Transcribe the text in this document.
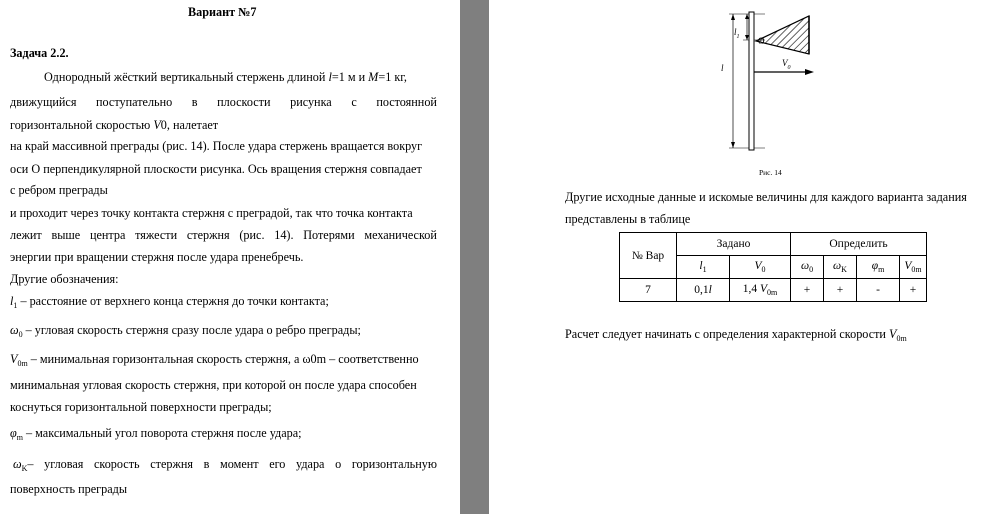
Вариант №7
Задача 2.2.
Однородный жёсткий вертикальный стержень длиной l=1 м и M=1 кг,
движущийся поступательно в плоскости рисунка с постоянной
горизонтальной скоростью V0, налетает
на край массивной преграды (рис. 14). После удара стержень вращается вокруг
оси О перпендикулярной плоскости рисунка. Ось вращения стержня совпадает
с ребром преграды
и проходит через точку контакта стержня с преградой, так что точка контакта
лежит выше центра тяжести стержня (рис. 14). Потерями механической
энергии при вращении стержня после удара пренебречь.
Другие обозначения:
$l_1$ – расстояние от верхнего конца стержня до точки контакта;
$\omega_0$ – угловая скорость стержня сразу после удара о ребро преграды;
$V_{0m}$ – минимальная горизонтальная скорость стержня, а ω0m – соответственно
минимальная угловая скорость стержня, при которой он после удара способен
коснуться горизонтальной поверхности преграды;
$\varphi_m$ – максимальный угол поворота стержня после удара;
$\omega_K-$ угловая скорость стержня в момент его удара о горизонтальную
поверхность преграды
$l_1$
l
O
$V_0$
Рис. 14
Другие исходные данные и искомые величины для каждого варианта задания
представлены в таблице
№ Вар	Задано		Определить			
	$l_1$	$V_0$	$\omega_0$	$\omega_K$	$\varphi_m$	$V_{0m}$
7	0,1l	1,4 $V_{0m}$	+	+	-	+
Расчет следует начинать с определения характерной скорости $V_{0m}$
